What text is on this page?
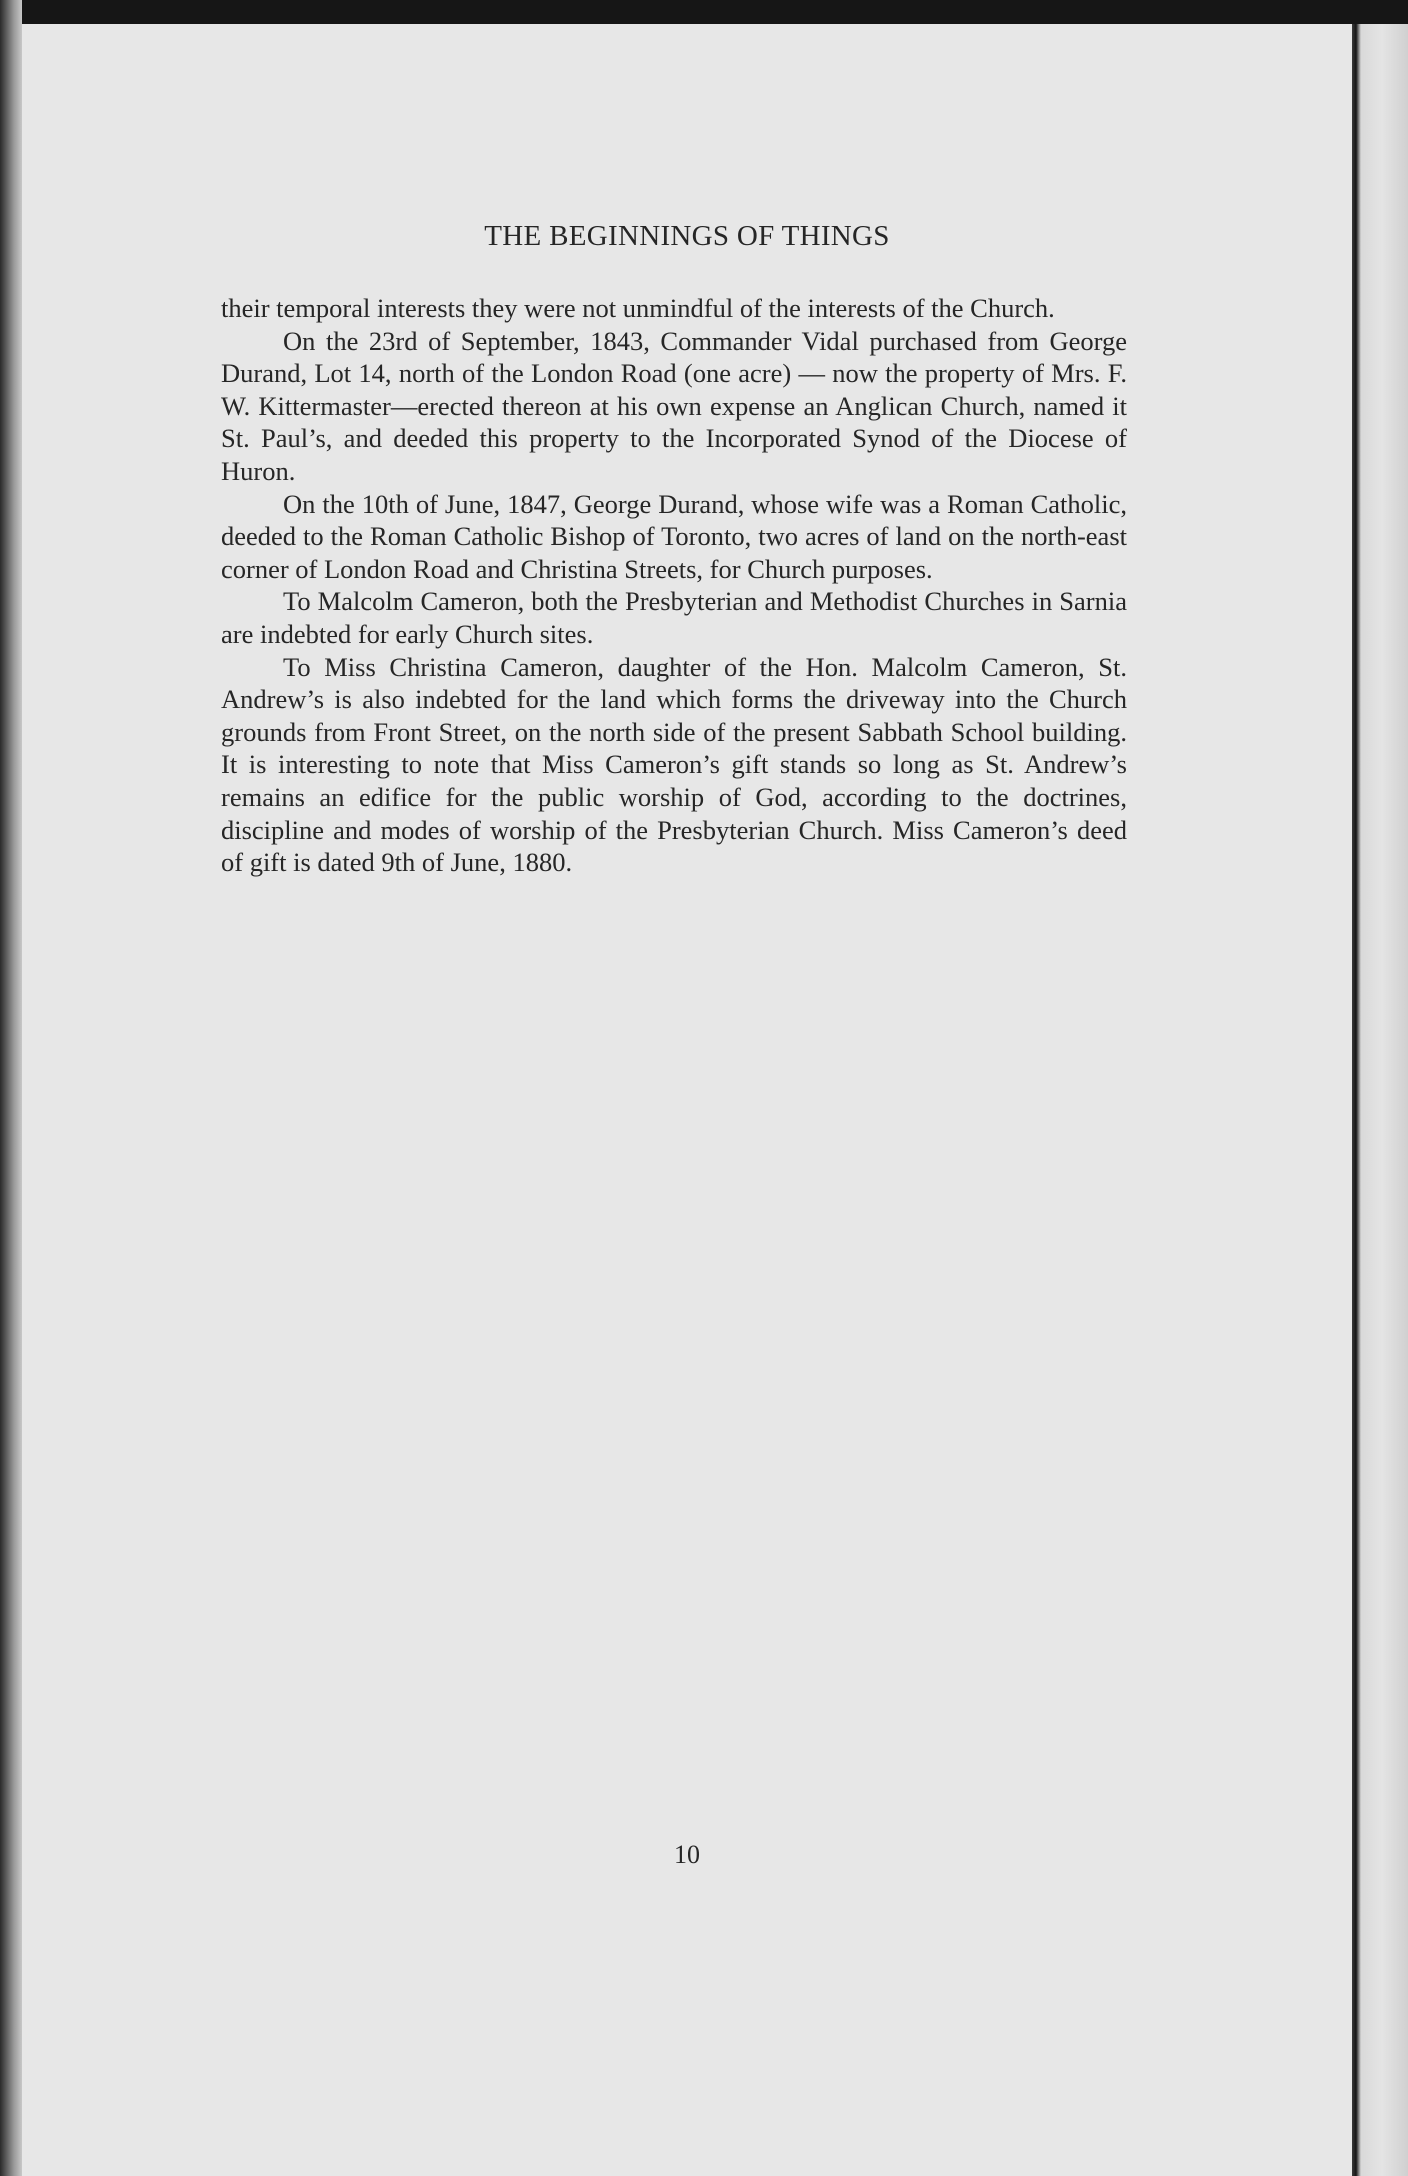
THE BEGINNINGS OF THINGS

their temporal interests they were not unmindful of the interests of the Church.

On the 23rd of September, 1843, Commander Vidal purchased from George Durand, Lot 14, north of the London Road (one acre) — now the property of Mrs. F. W. Kittermaster—erected thereon at his own expense an Anglican Church, named it St. Paul’s, and deeded this property to the Incorporated Synod of the Diocese of Huron.

On the 10th of June, 1847, George Durand, whose wife was a Roman Catholic, deeded to the Roman Catholic Bishop of Toronto, two acres of land on the north-east corner of London Road and Christina Streets, for Church purposes.

To Malcolm Cameron, both the Presbyterian and Methodist Churches in Sarnia are indebted for early Church sites.

To Miss Christina Cameron, daughter of the Hon. Malcolm Cameron, St. Andrew’s is also indebted for the land which forms the driveway into the Church grounds from Front Street, on the north side of the present Sabbath School building. It is interesting to note that Miss Cameron’s gift stands so long as St. Andrew’s remains an edifice for the public worship of God, according to the doctrines, discipline and modes of worship of the Presbyterian Church. Miss Cameron’s deed of gift is dated 9th of June, 1880.

10
